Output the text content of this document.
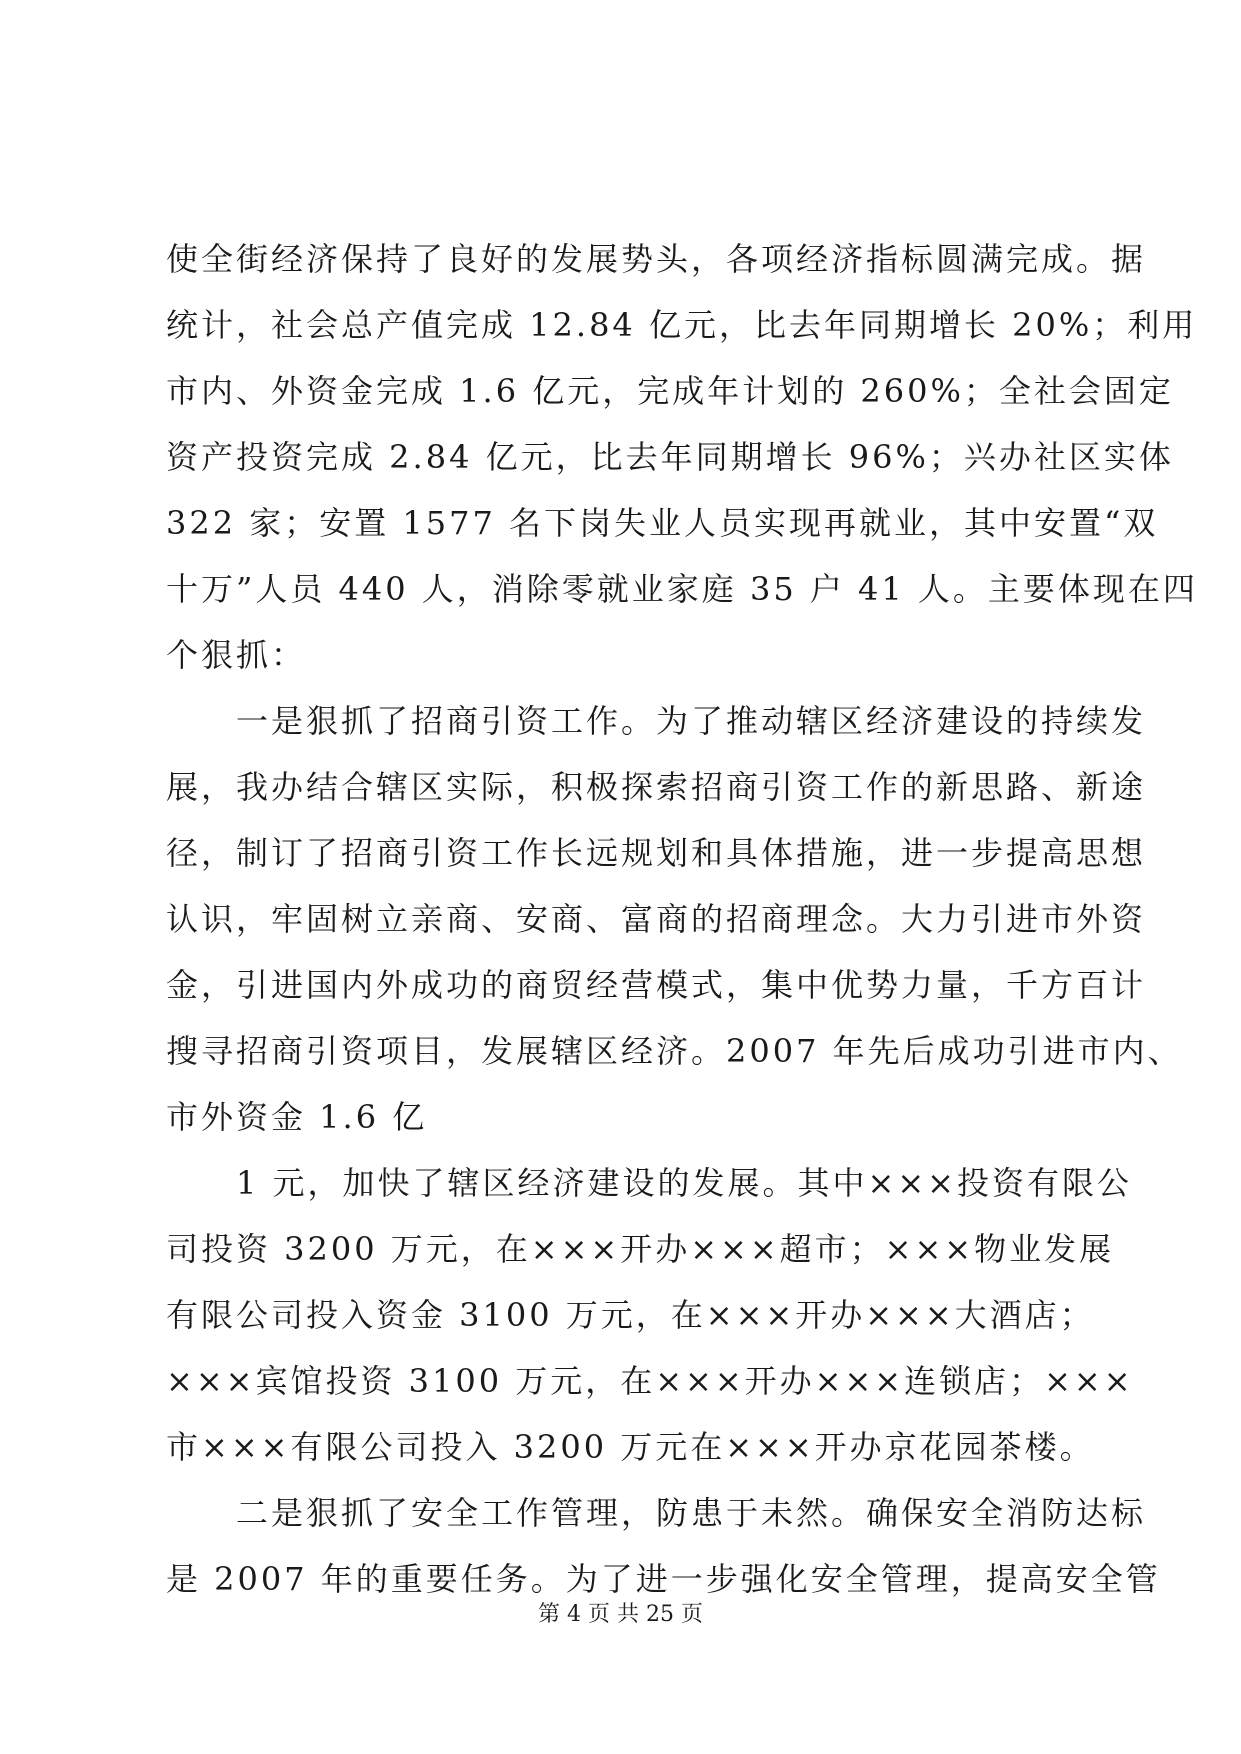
使全街经济保持了良好的发展势头，各项经济指标圆满完成。据
统计，社会总产值完成 12.84 亿元，比去年同期增长 20%；利用
市内、外资金完成 1.6 亿元，完成年计划的 260%；全社会固定
资产投资完成 2.84 亿元，比去年同期增长 96%；兴办社区实体
322 家；安置 1577 名下岗失业人员实现再就业，其中安置“双
十万”人员 440 人，消除零就业家庭 35 户 41 人。主要体现在四
个狠抓：
　　一是狠抓了招商引资工作。为了推动辖区经济建设的持续发
展，我办结合辖区实际，积极探索招商引资工作的新思路、新途
径，制订了招商引资工作长远规划和具体措施，进一步提高思想
认识，牢固树立亲商、安商、富商的招商理念。大力引进市外资
金，引进国内外成功的商贸经营模式，集中优势力量，千方百计
搜寻招商引资项目，发展辖区经济。2007 年先后成功引进市内、
市外资金 1.6 亿
　　1 元，加快了辖区经济建设的发展。其中×××投资有限公
司投资 3200 万元，在×××开办×××超市；×××物业发展
有限公司投入资金 3100 万元，在×××开办×××大酒店；
×××宾馆投资 3100 万元，在×××开办×××连锁店；×××
市×××有限公司投入 3200 万元在×××开办京花园茶楼。
　　二是狠抓了安全工作管理，防患于未然。确保安全消防达标
是 2007 年的重要任务。为了进一步强化安全管理，提高安全管
第 4 页 共 25 页
